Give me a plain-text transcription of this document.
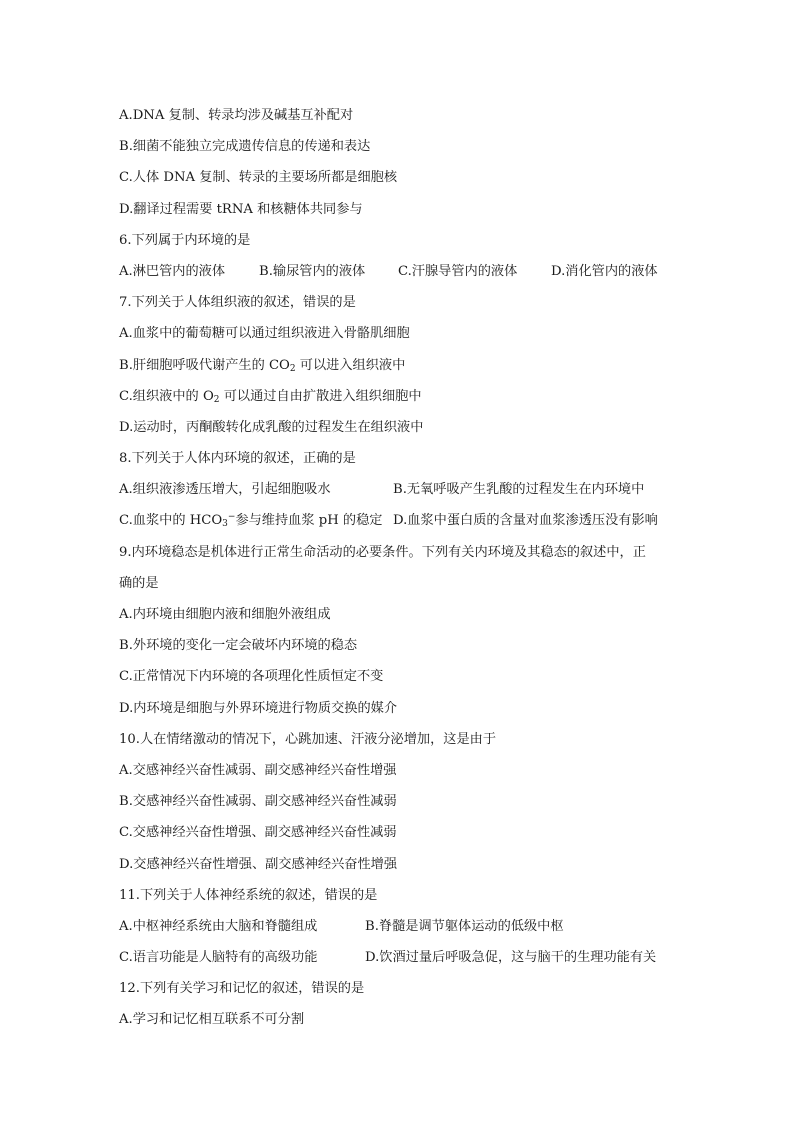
A.DNA 复制、转录均涉及碱基互补配对
B.细菌不能独立完成遗传信息的传递和表达
C.人体 DNA 复制、转录的主要场所都是细胞核
D.翻译过程需要 tRNA 和核糖体共同参与
6.下列属于内环境的是
A.淋巴管内的液体	B.输尿管内的液体	C.汗腺导管内的液体	D.消化管内的液体
7.下列关于人体组织液的叙述，错误的是
A.血浆中的葡萄糖可以通过组织液进入骨骼肌细胞
B.肝细胞呼吸代谢产生的 $CO_2$ 可以进入组织液中
C.组织液中的 $O_2$ 可以通过自由扩散进入组织细胞中
D.运动时，丙酮酸转化成乳酸的过程发生在组织液中
8.下列关于人体内环境的叙述，正确的是
A.组织液渗透压增大，引起细胞吸水	B.无氧呼吸产生乳酸的过程发生在内环境中
C.血浆中的 $HCO_3^-$参与维持血浆 pH 的稳定 D.血浆中蛋白质的含量对血浆渗透压没有影响
9.内环境稳态是机体进行正常生命活动的必要条件。下列有关内环境及其稳态的叙述中，正
确的是
A.内环境由细胞内液和细胞外液组成
B.外环境的变化一定会破坏内环境的稳态
C.正常情况下内环境的各项理化性质恒定不变
D.内环境是细胞与外界环境进行物质交换的媒介
10.人在情绪激动的情况下，心跳加速、汗液分泌增加，这是由于
A.交感神经兴奋性减弱、副交感神经兴奋性增强
B.交感神经兴奋性减弱、副交感神经兴奋性减弱
C.交感神经兴奋性增强、副交感神经兴奋性减弱
D.交感神经兴奋性增强、副交感神经兴奋性增强
11.下列关于人体神经系统的叙述，错误的是
A.中枢神经系统由大脑和脊髓组成	B.脊髓是调节躯体运动的低级中枢
C.语言功能是人脑特有的高级功能	D.饮酒过量后呼吸急促，这与脑干的生理功能有关
12.下列有关学习和记忆的叙述，错误的是
A.学习和记忆相互联系不可分割
